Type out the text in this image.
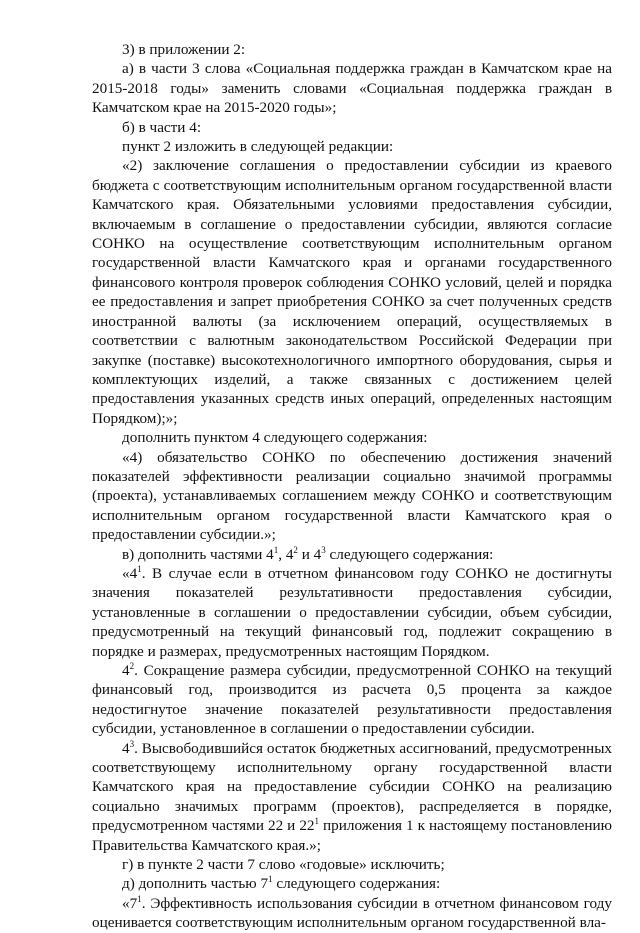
3) в приложении 2:

а) в части 3 слова «Социальная поддержка граждан в Камчатском крае на 2015-2018 годы» заменить словами «Социальная поддержка граждан в Камчатском крае на 2015-2020 годы»;

б) в части 4:

пункт 2 изложить в следующей редакции:

«2) заключение соглашения о предоставлении субсидии из краевого бюджета с соответствующим исполнительным органом государственной власти Камчатского края. Обязательными условиями предоставления субсидии, включаемым в соглашение о предоставлении субсидии, являются согласие СОНКО на осуществление соответствующим исполнительным органом государственной власти Камчатского края и органами государственного финансового контроля проверок соблюдения СОНКО условий, целей и порядка ее предоставления и запрет приобретения СОНКО за счет полученных средств иностранной валюты (за исключением операций, осуществляемых в соответствии с валютным законодательством Российской Федерации при закупке (поставке) высокотехнологичного импортного оборудования, сырья и комплектующих изделий, а также связанных с достижением целей предоставления указанных средств иных операций, определенных настоящим Порядком);»;

дополнить пунктом 4 следующего содержания:

«4) обязательство СОНКО по обеспечению достижения значений показателей эффективности реализации социально значимой программы (проекта), устанавливаемых соглашением между СОНКО и соответствующим исполнительным органом государственной власти Камчатского края о предоставлении субсидии.»;

в) дополнить частями $4^1$, $4^2$ и $4^3$ следующего содержания:

«$4^1$. В случае если в отчетном финансовом году СОНКО не достигнуты значения показателей результативности предоставления субсидии, установленные в соглашении о предоставлении субсидии, объем субсидии, предусмотренный на текущий финансовый год, подлежит сокращению в порядке и размерах, предусмотренных настоящим Порядком.

$4^2$. Сокращение размера субсидии, предусмотренной СОНКО на текущий финансовый год, производится из расчета 0,5 процента за каждое недостигнутое значение показателей результативности предоставления субсидии, установленное в соглашении о предоставлении субсидии.

$4^3$. Высвободившийся остаток бюджетных ассигнований, предусмотренных соответствующему исполнительному органу государственной власти Камчатского края на предоставление субсидии СОНКО на реализацию социально значимых программ (проектов), распределяется в порядке, предусмотренном частями 22 и $22^1$ приложения 1 к настоящему постановлению Правительства Камчатского края.»;

г) в пункте 2 части 7 слово «годовые» исключить;

д) дополнить частью $7^1$ следующего содержания:

«$7^1$. Эффективность использования субсидии в отчетном финансовом году оценивается соответствующим исполнительным органом государственной вла-
